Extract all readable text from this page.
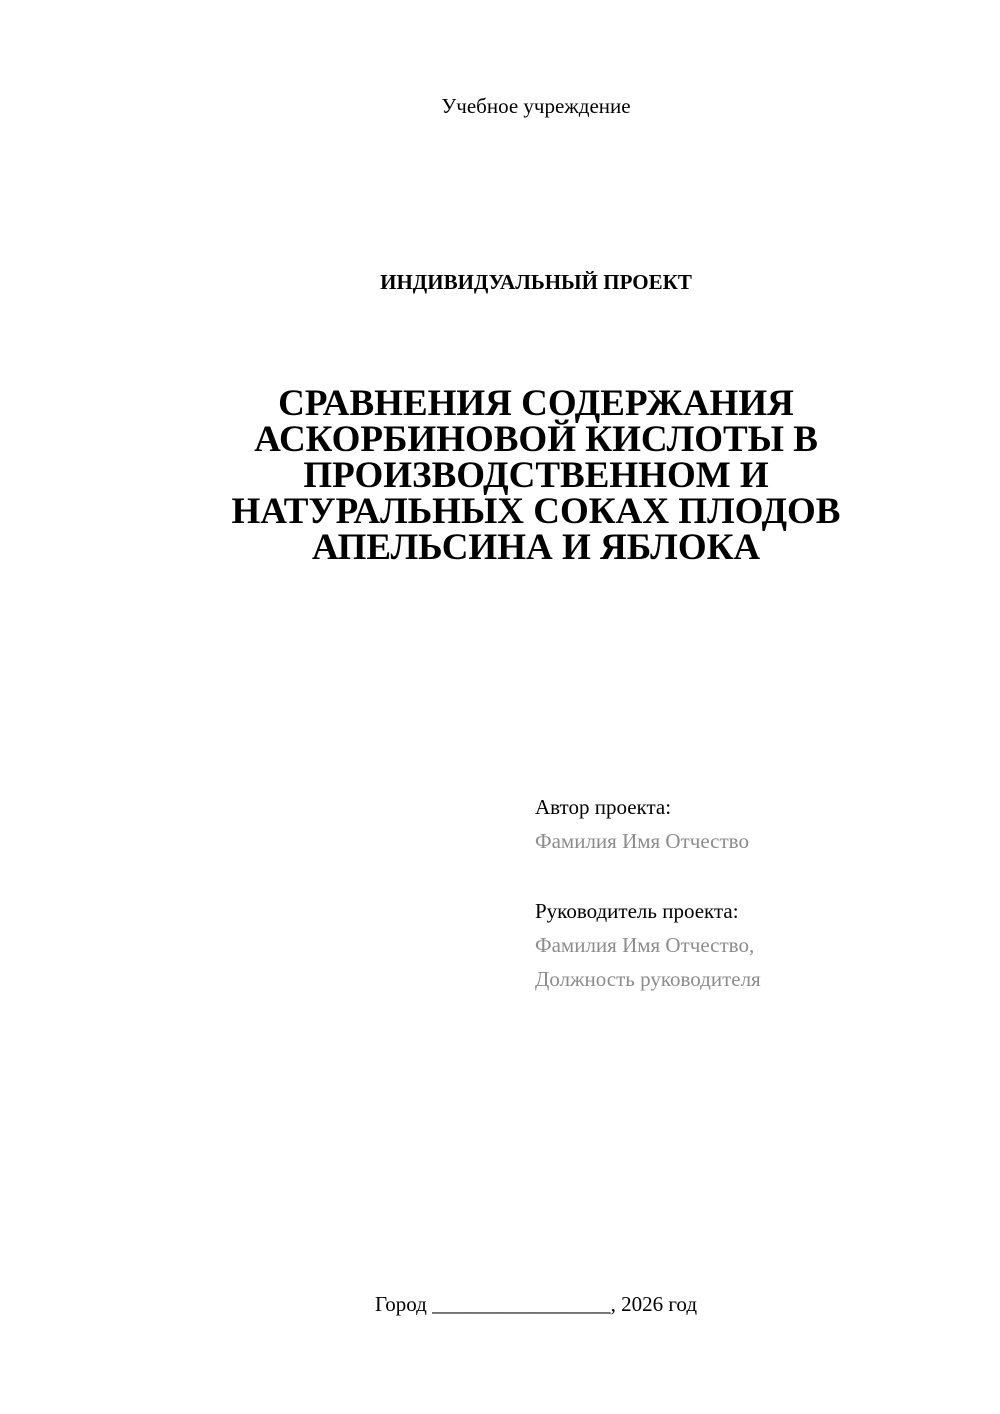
Учебное учреждение
ИНДИВИДУАЛЬНЫЙ ПРОЕКТ
СРАВНЕНИЯ СОДЕРЖАНИЯ
АСКОРБИНОВОЙ КИСЛОТЫ В
ПРОИЗВОДСТВЕННОМ И
НАТУРАЛЬНЫХ СОКАХ ПЛОДОВ
АПЕЛЬСИНА И ЯБЛОКА
Автор проекта:
Фамилия Имя Отчество
Руководитель проекта:
Фамилия Имя Отчество,
Должность руководителя
Город _________________, 2026 год
